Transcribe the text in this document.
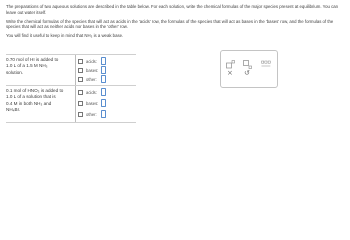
The preparations of two aqueous solutions are described in the table below. For each solution, write the chemical formulas of the major species present at equilibrium. You can leave out water itself.

Write the chemical formulas of the species that will act as acids in the 'acids' row, the formulas of the species that will act as bases in the 'bases' row, and the formulas of the species that will act as neither acids nor bases in the 'other' row.

You will find it useful to keep in mind that NH₃ is a weak base.

0.70 mol of HI is added to
1.0 L of a 1.5 M NH₃
solution.
0.1 mol of HNO₃ is added to
1.0 L of a solution that is
0.4 M in both NH₃ and
NH₄Br.
acids:
bases:
other:
acids:
bases:
other:
× ↺
